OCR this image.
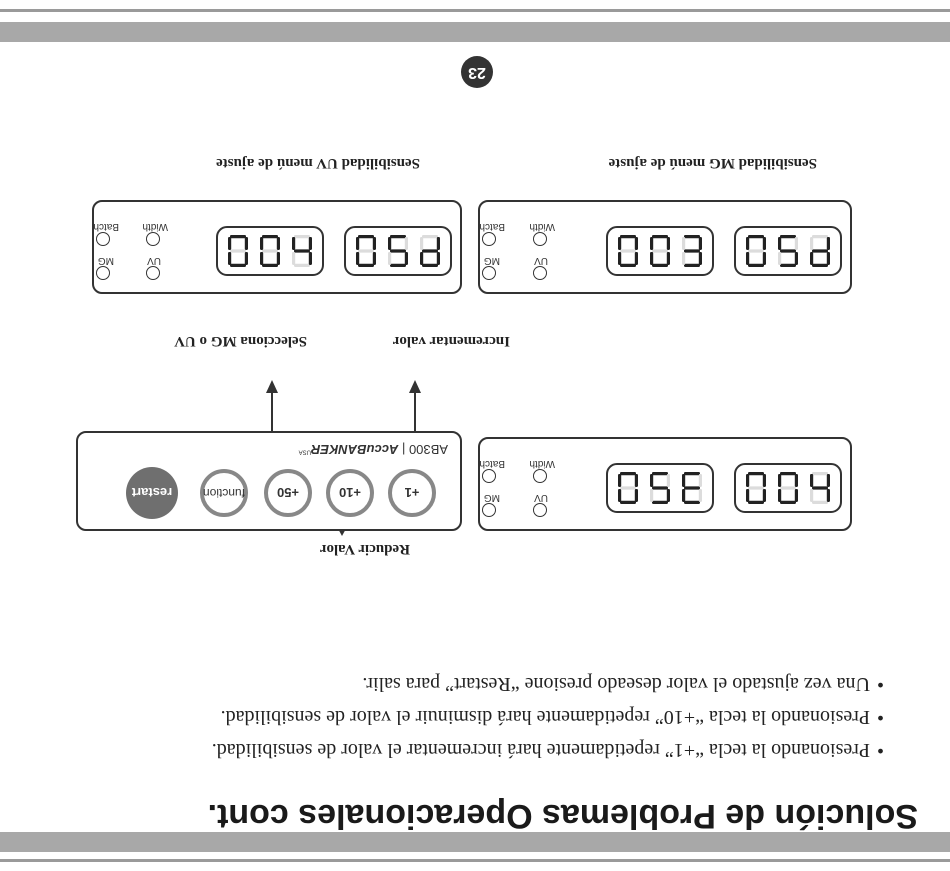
Solución de Problemas Operacionales cont.
• Presionando la tecla “+1” repetidamente hará incrementar el valor de sensibilidad.
• Presionando la tecla “+10” repetidamente hará disminuir el valor de sensibilidad.
• Una vez ajustado el valor deseado presione “Restart” para salir.
Reducir Valor
+1
+10
+50
function
restart
AB300 | AccuBANKER$^{USA}$
UV
MG
Width
Batch
Incrementar valor
Selecciona MG o UV
UV
MG
Width
Batch
UV
MG
Width
Batch
Sensibilidad MG menú de ajuste
Sensibilidad UV menú de ajuste
23
